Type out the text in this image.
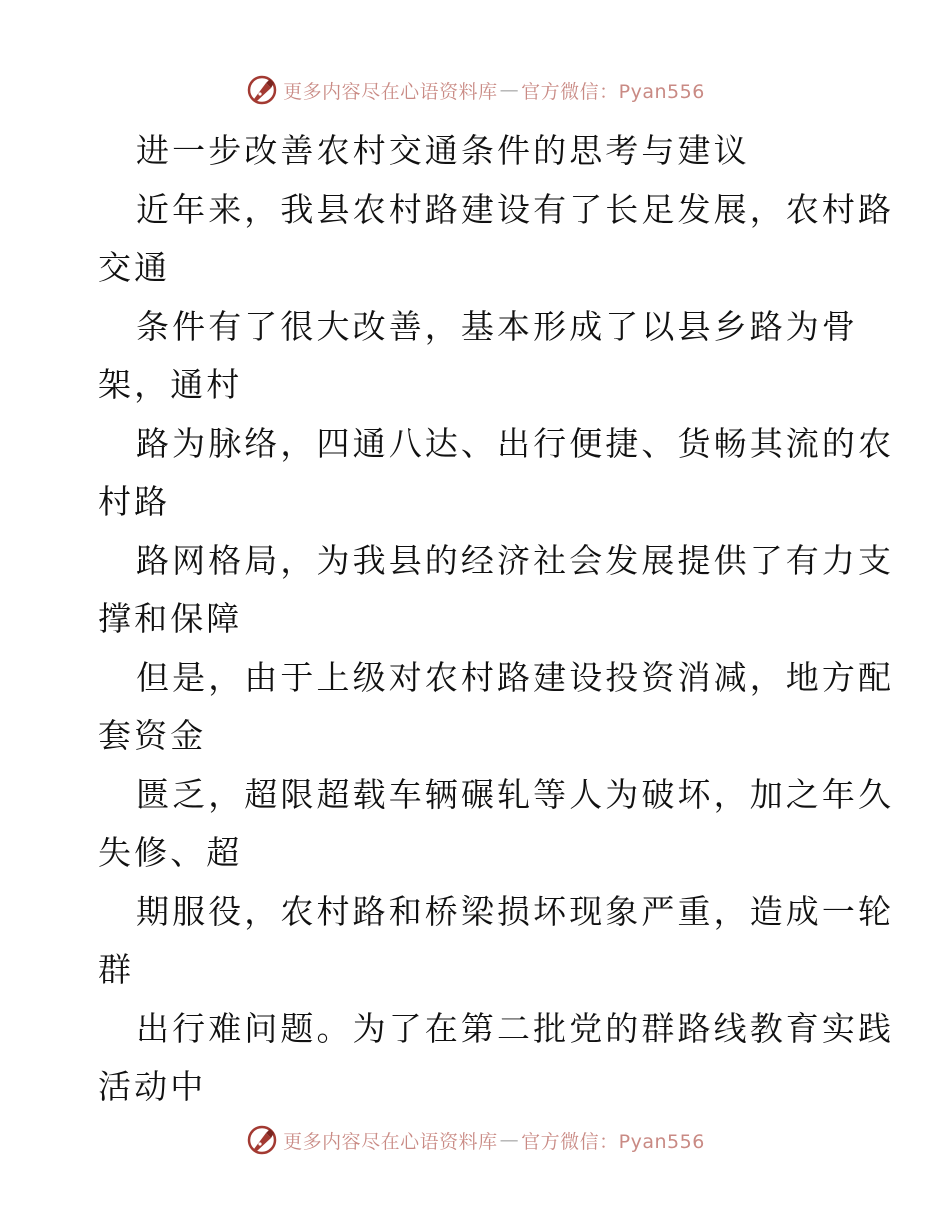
更多内容尽在心语资料库 — 官方微信：Pyan556
进一步改善农村交通条件的思考与建议
近年来，我县农村路建设有了长足发展，农村路
交通
条件有了很大改善，基本形成了以县乡路为骨
架，通村
路为脉络，四通八达、出行便捷、货畅其流的农
村路
路网格局，为我县的经济社会发展提供了有力支
撑和保障
但是，由于上级对农村路建设投资消减，地方配
套资金
匮乏，超限超载车辆碾轧等人为破坏，加之年久
失修、超
期服役，农村路和桥梁损坏现象严重，造成一轮
群
出行难问题。为了在第二批党的群路线教育实践
活动中
更多内容尽在心语资料库 — 官方微信：Pyan556
